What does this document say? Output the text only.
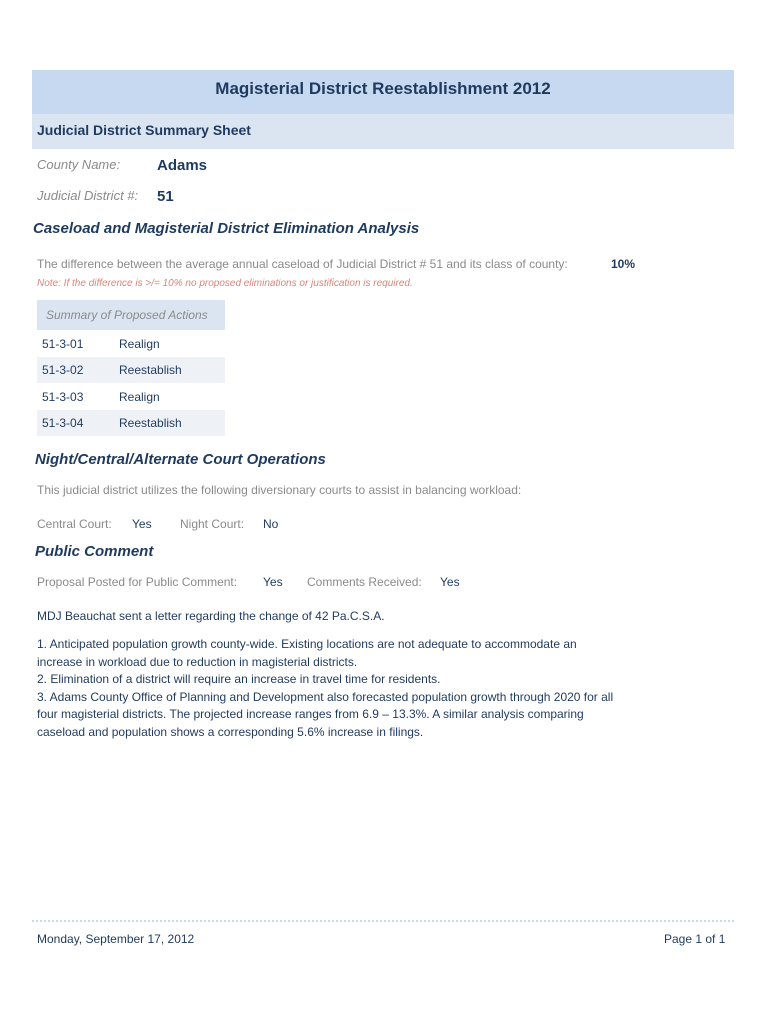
Magisterial District Reestablishment 2012
Judicial District Summary Sheet
County Name: Adams
Judicial District #: 51
Caseload and Magisterial District Elimination Analysis
The difference between the average annual caseload of Judicial District # 51 and its class of county:	10%
Note: If the difference is >/= 10% no proposed eliminations or justification is required.
Summary of Proposed Actions
51-3-01	Realign
51-3-02	Reestablish
51-3-03	Realign
51-3-04	Reestablish
Night/Central/Alternate Court Operations
This judicial district utilizes the following diversionary courts to assist in balancing workload:
Central Court: Yes Night Court: No
Public Comment
Proposal Posted for Public Comment: Yes Comments Received: Yes
MDJ Beauchat sent a letter regarding the change of 42 Pa.C.S.A.
1. Anticipated population growth county-wide. Existing locations are not adequate to accommodate an
increase in workload due to reduction in magisterial districts.
2. Elimination of a district will require an increase in travel time for residents.
3. Adams County Office of Planning and Development also forecasted population growth through 2020 for all
four magisterial districts. The projected increase ranges from 6.9 – 13.3%. A similar analysis comparing
caseload and population shows a corresponding 5.6% increase in filings.
Monday, September 17, 2012	Page 1 of 1
